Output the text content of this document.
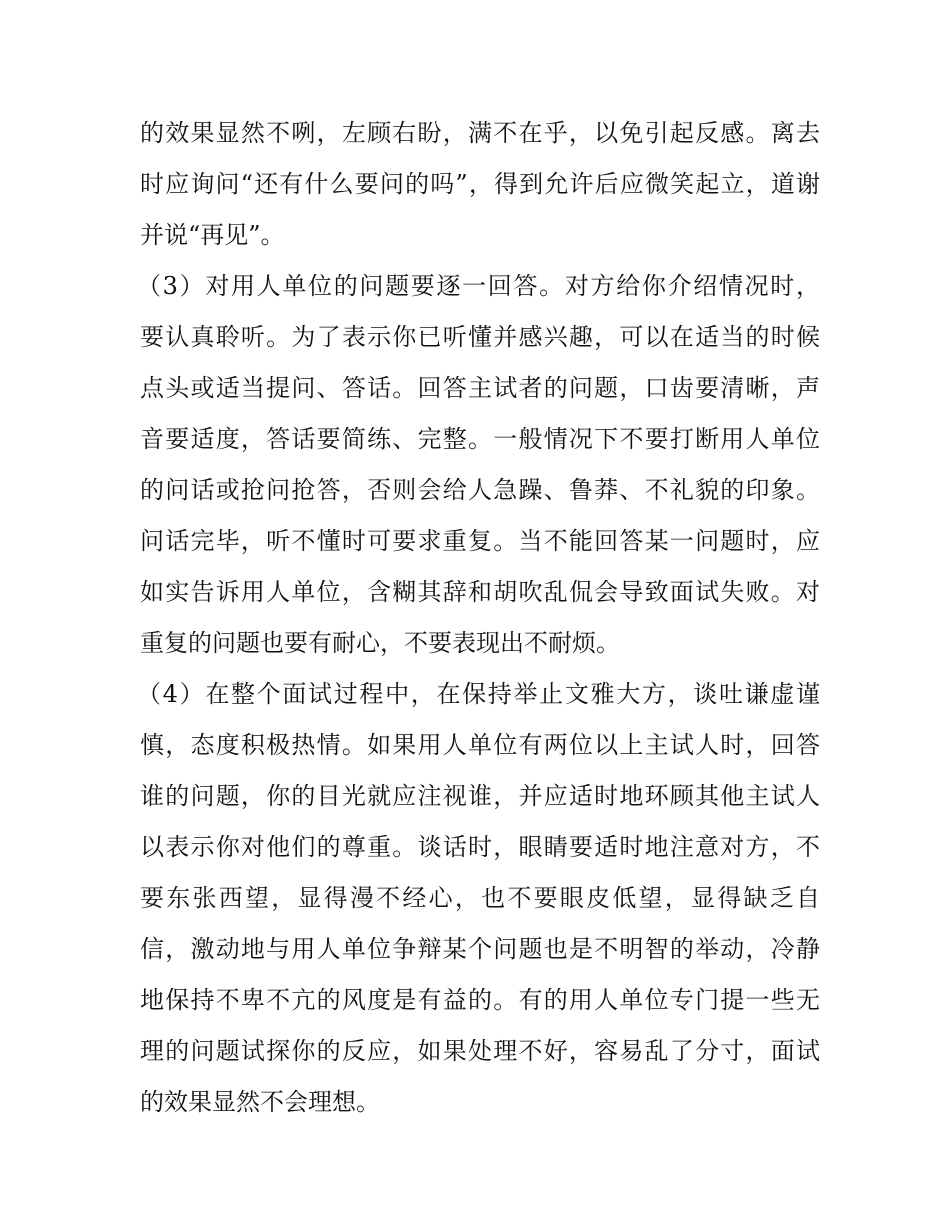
的效果显然不咧，左顾右盼，满不在乎，以免引起反感。离去
时应询问“还有什么要问的吗”，得到允许后应微笑起立，道谢
并说“再见”。
（3）对用人单位的问题要逐一回答。对方给你介绍情况时，
要认真聆听。为了表示你已听懂并感兴趣，可以在适当的时候
点头或适当提问、答话。回答主试者的问题，口齿要清晰，声
音要适度，答话要简练、完整。一般情况下不要打断用人单位
的问话或抢问抢答，否则会给人急躁、鲁莽、不礼貌的印象。
问话完毕，听不懂时可要求重复。当不能回答某一问题时，应
如实告诉用人单位，含糊其辞和胡吹乱侃会导致面试失败。对
重复的问题也要有耐心，不要表现出不耐烦。
（4）在整个面试过程中，在保持举止文雅大方，谈吐谦虚谨
慎，态度积极热情。如果用人单位有两位以上主试人时，回答
谁的问题，你的目光就应注视谁，并应适时地环顾其他主试人
以表示你对他们的尊重。谈话时，眼睛要适时地注意对方，不
要东张西望，显得漫不经心，也不要眼皮低望，显得缺乏自
信，激动地与用人单位争辩某个问题也是不明智的举动，冷静
地保持不卑不亢的风度是有益的。有的用人单位专门提一些无
理的问题试探你的反应，如果处理不好，容易乱了分寸，面试
的效果显然不会理想。
